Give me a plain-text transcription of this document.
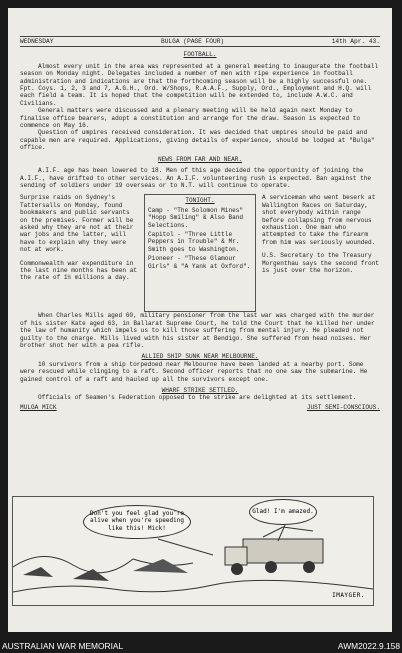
WEDNESDAY	BULGA (PAGE FOUR)	14th Apr. 43.
FOOTBALL.

Almost every unit in the area was represented at a general meeting to inaugurate the football season on Monday night. Delegates included a number of men with ripe experience in football administration and indications are that the forthcoming season will be a highly successful one. Fpt. Coys. 1, 2, 3 and 7, A.G.H., Ord. W/Shops, R.A.A.F., Supply, Ord., Employment and H.Q. will each field a team. It is hoped that the competition will be extended to, include A.W.C. and Civilians.

General matters were discussed and a plenary meeting will be held again next Monday to finalise office bearers, adopt a constitution and arrange for the draw. Season is expected to commence on May 16.

Question of umpires received consideration. It was decided that umpires should be paid and capable men are required. Applications, giving details of experience, should be lodged at "Bulga" office.

NEWS FROM FAR AND NEAR.

A.I.F. age has been lowered to 18. Men of this age decided the opportunity of joining the A.I.F., have drifted to other services. An A.I.F. volunteering rush is expected. Ban against the sending of soldiers under 19 overseas or to N.T. will continue to operate.

Surprise raids on Sydney's Tattersalls on Monday, found bookmakers and public servants on the premises. Former will be asked why they are not at their war jobs and the latter, will have to explain why they were not at work.

Commonwealth war expenditure in the last nine months has been at the rate of 1½ millions a day.

TONIGHT.
Camp - "The Solomon Mines" "Hopp Smiling" & Also Band Selections.
Capitol - "Three Little Peppers in Trouble" & Mr. Smith goes to Washington.
Pioneer - "These Glamour Girls" & "A Yank at Oxford".

A serviceman who went beserk at Wallington Races on Saturday, shot everybody within range before collapsing from nervous exhaustion. One man who attempted to take the firearm from him was seriously wounded.

U.S. Secretary to the Treasury Morgenthau says the second front is just over the horizon.

When Charles Mills aged 60, military pensioner from the last war was charged with the murder of his sister Kate aged 63, in Ballarat Supreme Court, he told the Court that he killed her under the law of humanity which impels us to kill those suffering from mental injury. He pleaded not guilty to the charge. Mills lived with his sister at Bendigo. She suffered from head noises. Her brother shot her with a pea rifle.

ALLIED SHIP SUNK NEAR MELBOURNE.

10 survivors from a ship torpedoed near Melbourne have been landed at a nearby port. Some were rescued while clinging to a raft. Second officer reports that no one saw the submarine. He gained control of a raft and hauled up all the survivors except one.

WHARF STRIKE SETTLED.

Officials of Seamen's Federation opposed to the strike are delighted at its settlement.

MULGA MICK	JUST SEMI-CONSCIOUS.
Don't you feel glad you're alive when you're speeding like this! Mick!
Glad! I'm amazed.
IMAYGER.
AUSTRALIAN WAR MEMORIAL	AWM2022.9.158
